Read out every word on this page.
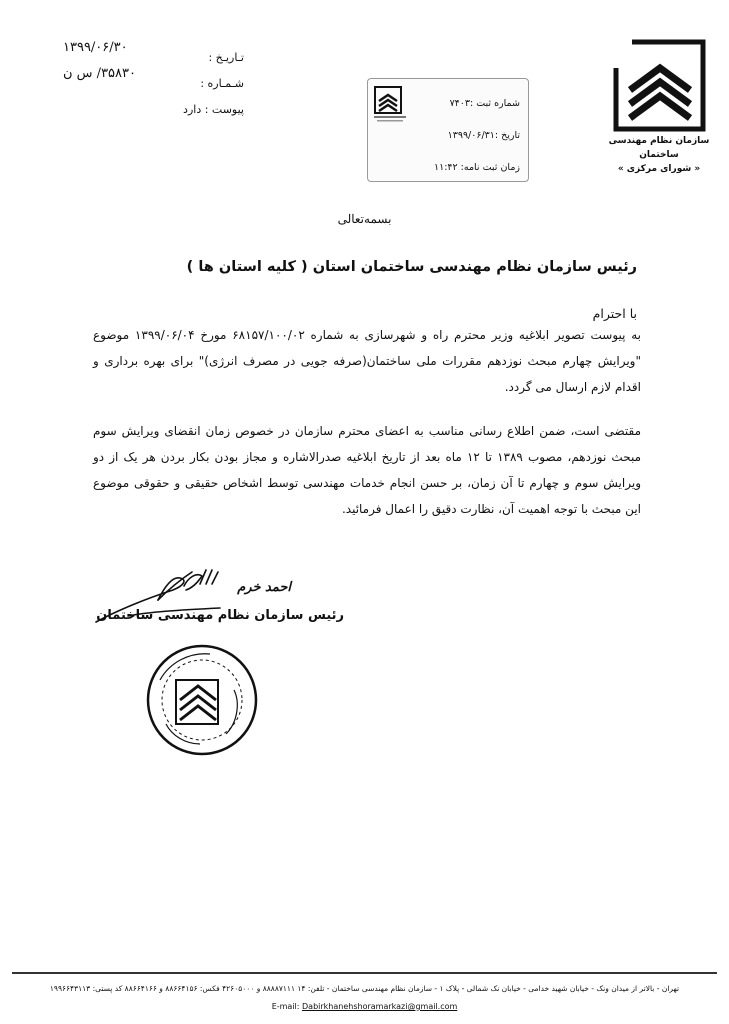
سازمان نظام مهندسی ساختمان
« شورای مرکزی »
تـاریـخ :
۱۳۹۹/۰۶/۳۰
شـمـاره :
۳۵۸۳۰/ س ن
پیوست : دارد	شماره ثبت :۷۴۰۳
تاریخ :۱۳۹۹/۰۶/۳۱
زمان ثبت نامه: ۱۱:۴۲
بسمه‌تعالی
رئیس سازمان نظام مهندسی ساختمان استان ( کلیه استان ها )
با احترام
به پیوست تصویر ابلاغیه وزیر محترم راه و شهرسازی به شماره ۶۸۱۵۷/۱۰۰/۰۲ مورخ ۱۳۹۹/۰۶/۰۴ موضوع "ویرایش چهارم مبحث نوزدهم مقررات ملی ساختمان(صرفه جویی در مصرف انرژی)" برای بهره برداری و اقدام لازم ارسال می گردد.
مقتضی است، ضمن اطلاع رسانی مناسب به اعضای محترم سازمان در خصوص زمان انقضای ویرایش سوم مبحث نوزدهم، مصوب ۱۳۸۹ تا ۱۲ ماه بعد از تاریخ ابلاغیه صدرالاشاره و مجاز بودن بکار بردن هر یک از دو ویرایش سوم و چهارم تا آن زمان، بر حسن انجام خدمات مهندسی توسط اشخاص حقیقی و حقوقی موضوع این مبحث با توجه اهمیت آن، نظارت دقیق را اعمال فرمائید.
احمد خرم
رئیس سازمان نظام مهندسی ساختمان
تهران - بالاتر از میدان ونک - خیابان شهید خدامی - خیابان نک شمالی - پلاک ۱ - سازمان نظام مهندسی ساختمان - تلفن: ۱۴ ۸۸۸۸۷۱۱۱ و ۴۲۶۰۵۰۰۰ فکس: ۸۸۶۶۴۱۵۶ و ۸۸۶۶۴۱۶۶ کد پستی: ۱۹۹۶۶۴۳۱۱۳
E-mail: Dabirkhanehshoramarkazi@gmail.com
